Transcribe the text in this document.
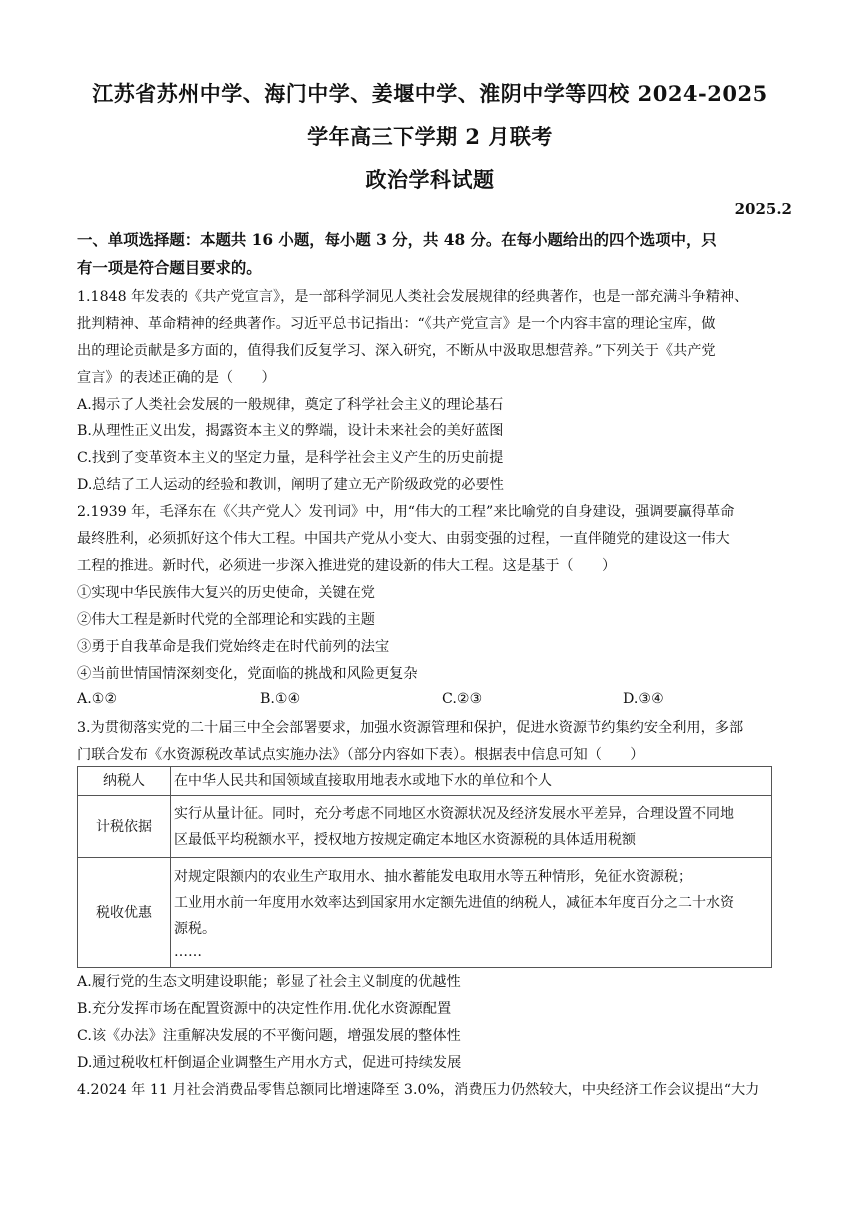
江苏省苏州中学、海门中学、姜堰中学、淮阴中学等四校 2024-2025
学年高三下学期 2 月联考
政治学科试题
2025.2
一、单项选择题：本题共 16 小题，每小题 3 分，共 48 分。在每小题给出的四个选项中，只
有一项是符合题目要求的。
1.1848 年发表的《共产党宣言》，是一部科学洞见人类社会发展规律的经典著作，也是一部充满斗争精神、
批判精神、革命精神的经典著作。习近平总书记指出：“《共产党宣言》是一个内容丰富的理论宝库，做
出的理论贡献是多方面的，值得我们反复学习、深入研究，不断从中汲取思想营养。”下列关于《共产党
宣言》的表述正确的是（　　）
A.揭示了人类社会发展的一般规律，奠定了科学社会主义的理论基石
B.从理性正义出发，揭露资本主义的弊端，设计未来社会的美好蓝图
C.找到了变革资本主义的坚定力量，是科学社会主义产生的历史前提
D.总结了工人运动的经验和教训，阐明了建立无产阶级政党的必要性
2.1939 年，毛泽东在《〈共产党人〉发刊词》中，用“伟大的工程”来比喻党的自身建设，强调要赢得革命
最终胜利，必须抓好这个伟大工程。中国共产党从小变大、由弱变强的过程，一直伴随党的建设这一伟大
工程的推进。新时代，必须进一步深入推进党的建设新的伟大工程。这是基于（　　）
①实现中华民族伟大复兴的历史使命，关键在党
②伟大工程是新时代党的全部理论和实践的主题
③勇于自我革命是我们党始终走在时代前列的法宝
④当前世情国情深刻变化，党面临的挑战和风险更复杂
A.①②	B.①④	C.②③	D.③④
3.为贯彻落实党的二十届三中全会部署要求，加强水资源管理和保护，促进水资源节约集约安全利用，多部
门联合发布《水资源税改革试点实施办法》（部分内容如下表）。根据表中信息可知（　　）
纳税人	在中华人民共和国领域直接取用地表水或地下水的单位和个人

计税依据	实行从量计征。同时，充分考虑不同地区水资源状况及经济发展水平差异，合理设置不同地
区最低平均税额水平，授权地方按规定确定本地区水资源税的具体适用税额

税收优惠	对规定限额内的农业生产取用水、抽水蓄能发电取用水等五种情形，免征水资源税；
工业用水前一年度用水效率达到国家用水定额先进值的纳税人，减征本年度百分之二十水资
源税。
……
A.履行党的生态文明建设职能；彰显了社会主义制度的优越性
B.充分发挥市场在配置资源中的决定性作用.优化水资源配置
C.该《办法》注重解决发展的不平衡问题，增强发展的整体性
D.通过税收杠杆倒逼企业调整生产用水方式，促进可持续发展
4.2024 年 11 月社会消费品零售总额同比增速降至 3.0%，消费压力仍然较大，中央经济工作会议提出“大力
